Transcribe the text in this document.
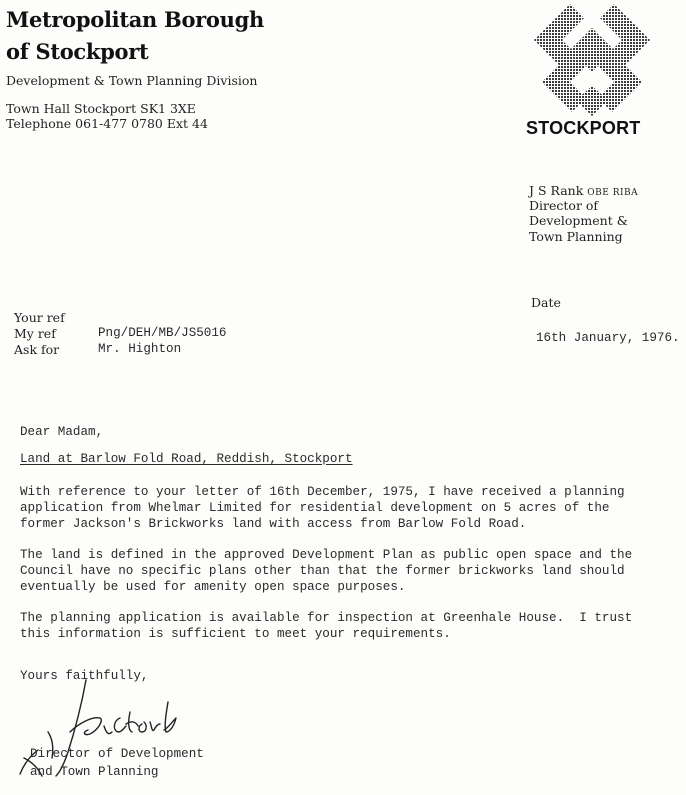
Metropolitan Borough
of Stockport
Development & Town Planning Division
Town Hall Stockport SK1 3XE
Telephone 061-477 0780 Ext 44	STOCKPORT
J S Rank OBE RIBA
Director of
Development &
Town Planning
Your ref
My ref	Png/DEH/MB/JS5016
Ask for	Mr. Highton
Date
16th January, 1976.
Dear Madam,
Land at Barlow Fold Road, Reddish, Stockport
With reference to your letter of 16th December, 1975, I have received a planning
application from Whelmar Limited for residential development on 5 acres of the
former Jackson's Brickworks land with access from Barlow Fold Road.
The land is defined in the approved Development Plan as public open space and the
Council have no specific plans other than that the former brickworks land should
eventually be used for amenity open space purposes.
The planning application is available for inspection at Greenhale House.  I trust
this information is sufficient to meet your requirements.
Yours faithfully,
Director of Development
and Town Planning
